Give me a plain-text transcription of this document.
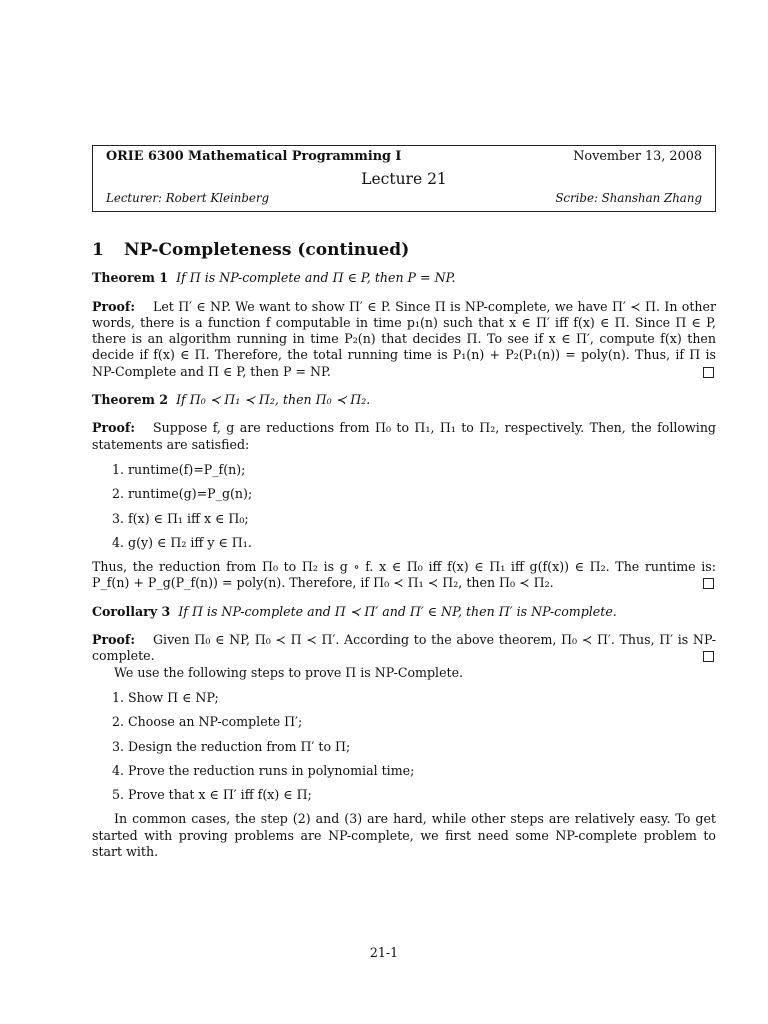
ORIE 6300 Mathematical Programming I	November 13, 2008
Lecture 21
Lecturer: Robert Kleinberg	Scribe: Shanshan Zhang
1 NP-Completeness (continued)

Theorem 1 If Π is NP-complete and Π ∈ P, then P = NP.

Proof: Let Π′ ∈ NP. We want to show Π′ ∈ P. Since Π is NP-complete, we have Π′ ≺ Π. In other words, there is a function f computable in time p₁(n) such that x ∈ Π′ iff f(x) ∈ Π. Since Π ∈ P, there is an algorithm running in time P₂(n) that decides Π. To see if x ∈ Π′, compute f(x) then decide if f(x) ∈ Π. Therefore, the total running time is P₁(n) + P₂(P₁(n)) = poly(n). Thus, if Π is NP-Complete and Π ∈ P, then P = NP.

Theorem 2 If Π₀ ≺ Π₁ ≺ Π₂, then Π₀ ≺ Π₂.

Proof: Suppose f, g are reductions from Π₀ to Π₁, Π₁ to Π₂, respectively. Then, the following statements are satisfied:

1. runtime(f)=P_f(n);
2. runtime(g)=P_g(n);
3. f(x) ∈ Π₁ iff x ∈ Π₀;
4. g(y) ∈ Π₂ iff y ∈ Π₁.

Thus, the reduction from Π₀ to Π₂ is g ∘ f. x ∈ Π₀ iff f(x) ∈ Π₁ iff g(f(x)) ∈ Π₂. The runtime is: P_f(n) + P_g(P_f(n)) = poly(n). Therefore, if Π₀ ≺ Π₁ ≺ Π₂, then Π₀ ≺ Π₂.

Corollary 3 If Π is NP-complete and Π ≺ Π′ and Π′ ∈ NP, then Π′ is NP-complete.

Proof: Given Π₀ ∈ NP, Π₀ ≺ Π ≺ Π′. According to the above theorem, Π₀ ≺ Π′. Thus, Π′ is NP-complete.

We use the following steps to prove Π is NP-Complete.

1. Show Π ∈ NP;
2. Choose an NP-complete Π′;
3. Design the reduction from Π′ to Π;
4. Prove the reduction runs in polynomial time;
5. Prove that x ∈ Π′ iff f(x) ∈ Π;

In common cases, the step (2) and (3) are hard, while other steps are relatively easy. To get started with proving problems are NP-complete, we first need some NP-complete problem to start with.

21-1
